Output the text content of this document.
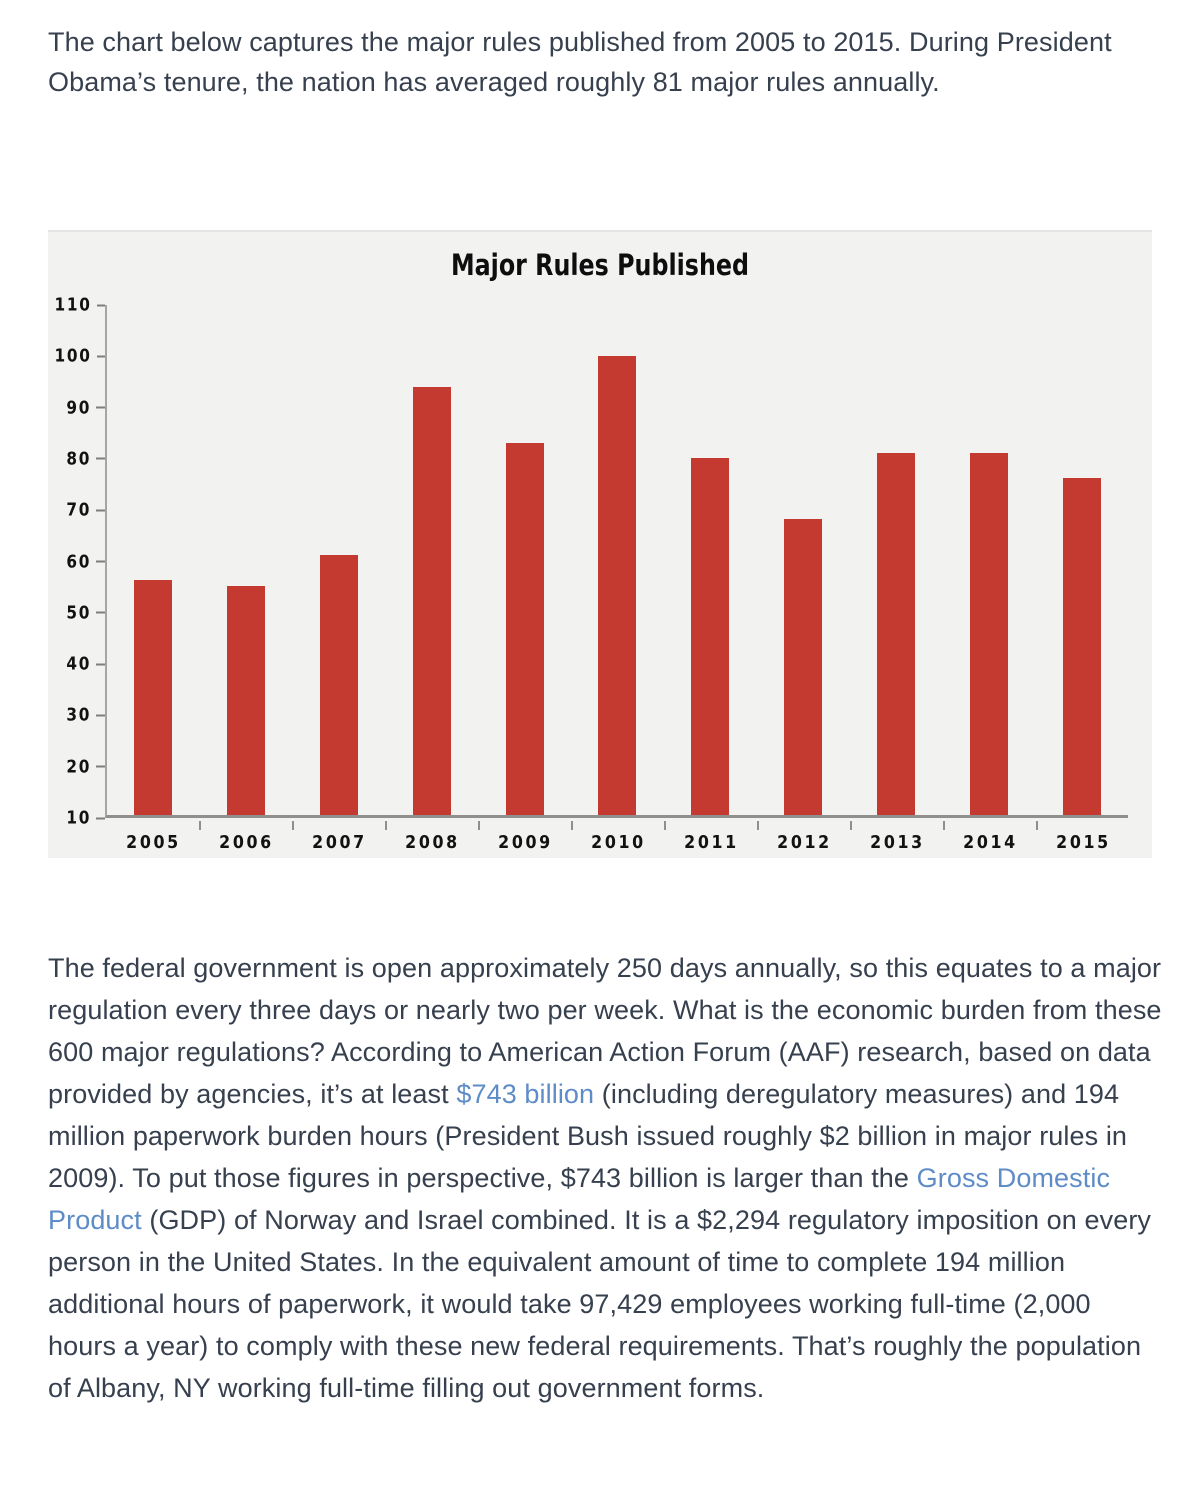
The chart below captures the major rules published from 2005 to 2015. During President Obama’s tenure, the nation has averaged roughly 81 major rules annually.

Major Rules Published
110
100
90
80
70
60
50
40
30
20
10
2005	2006	2007	2008	2009	2010	2011	2012	2013	2014	2015

The federal government is open approximately 250 days annually, so this equates to a major regulation every three days or nearly two per week. What is the economic burden from these 600 major regulations? According to American Action Forum (AAF) research, based on data provided by agencies, it’s at least $743 billion (including deregulatory measures) and 194 million paperwork burden hours (President Bush issued roughly $2 billion in major rules in 2009). To put those figures in perspective, $743 billion is larger than the Gross Domestic Product (GDP) of Norway and Israel combined. It is a $2,294 regulatory imposition on every person in the United States. In the equivalent amount of time to complete 194 million additional hours of paperwork, it would take 97,429 employees working full-time (2,000 hours a year) to comply with these new federal requirements. That’s roughly the population of Albany, NY working full-time filling out government forms.
